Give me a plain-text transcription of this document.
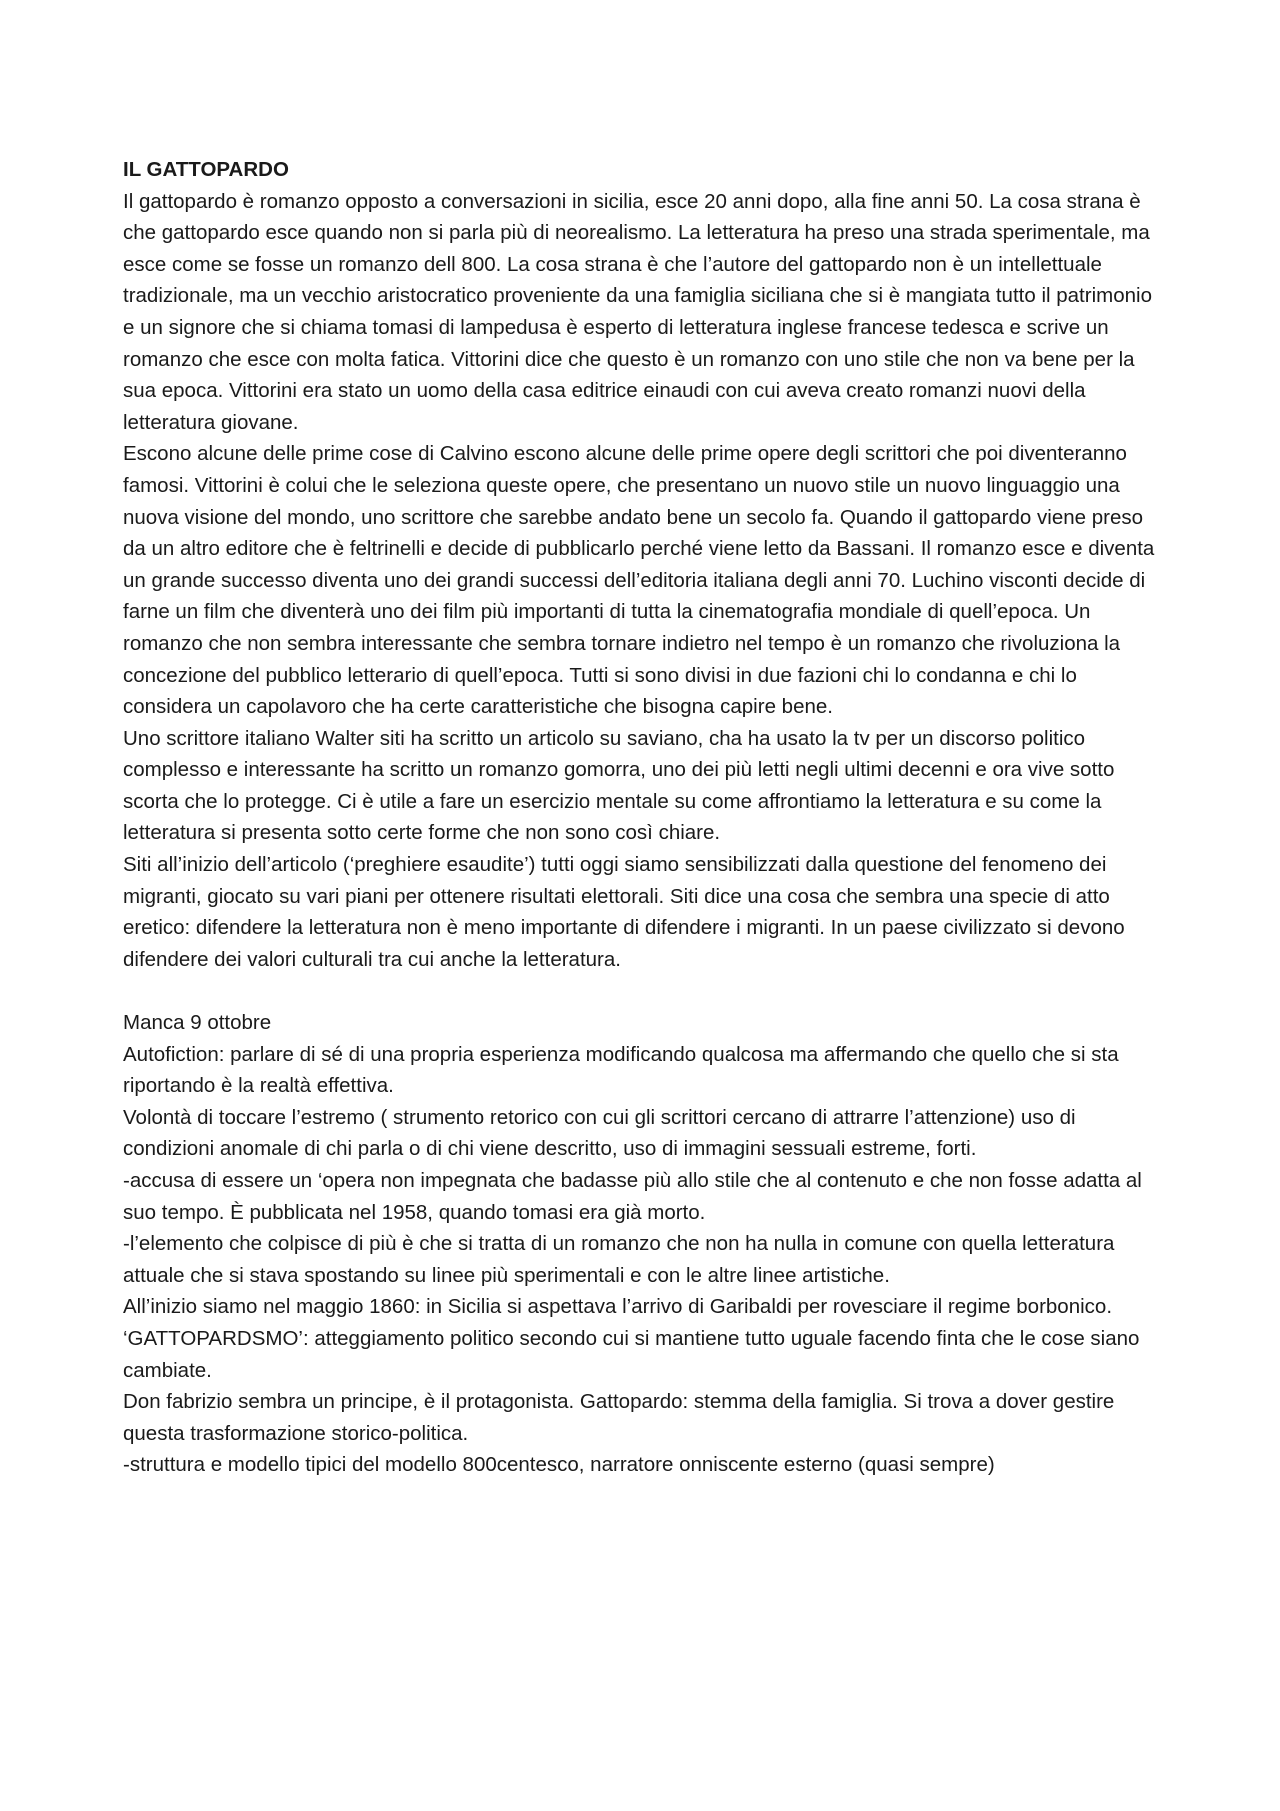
IL GATTOPARDO

Il gattopardo è romanzo opposto a conversazioni in sicilia, esce 20 anni dopo, alla fine anni 50. La cosa strana è che gattopardo esce quando non si parla più di neorealismo. La letteratura ha preso una strada sperimentale, ma esce come se fosse un romanzo dell 800. La cosa strana è che l’autore del gattopardo non è un intellettuale tradizionale, ma un vecchio aristocratico proveniente da una famiglia siciliana che si è mangiata tutto il patrimonio e un signore che si chiama tomasi di lampedusa è esperto di letteratura inglese francese tedesca e scrive un romanzo che esce con molta fatica. Vittorini dice che questo è un romanzo con uno stile che non va bene per la sua epoca. Vittorini era stato un uomo della casa editrice einaudi con cui aveva creato romanzi nuovi della letteratura giovane.

Escono alcune delle prime cose di Calvino escono alcune delle prime opere degli scrittori che poi diventeranno famosi. Vittorini è colui che le seleziona queste opere, che presentano un nuovo stile un nuovo linguaggio una nuova visione del mondo, uno scrittore che sarebbe andato bene un secolo fa. Quando il gattopardo viene preso da un altro editore che è feltrinelli e decide di pubblicarlo perché viene letto da Bassani. Il romanzo esce e diventa un grande successo diventa uno dei grandi successi dell’editoria italiana degli anni 70. Luchino visconti decide di farne un film che diventerà uno dei film più importanti di tutta la cinematografia mondiale di quell’epoca. Un romanzo che non sembra interessante che sembra tornare indietro nel tempo è un romanzo che rivoluziona la concezione del pubblico letterario di quell’epoca. Tutti si sono divisi in due fazioni chi lo condanna e chi lo considera un capolavoro che ha certe caratteristiche che bisogna capire bene.

Uno scrittore italiano Walter siti ha scritto un articolo su saviano, cha ha usato la tv per un discorso politico complesso e interessante ha scritto un romanzo gomorra, uno dei più letti negli ultimi decenni e ora vive sotto scorta che lo protegge. Ci è utile a fare un esercizio mentale su come affrontiamo la letteratura e su come la letteratura si presenta sotto certe forme che non sono così chiare.

Siti all’inizio dell’articolo (‘preghiere esaudite’) tutti oggi siamo sensibilizzati dalla questione del fenomeno dei migranti, giocato su vari piani per ottenere risultati elettorali. Siti dice una cosa che sembra una specie di atto eretico: difendere la letteratura non è meno importante di difendere i migranti. In un paese civilizzato si devono difendere dei valori culturali tra cui anche la letteratura.

Manca 9 ottobre

Autofiction: parlare di sé di una propria esperienza modificando qualcosa ma affermando che quello che si sta riportando è la realtà effettiva.

Volontà di toccare l’estremo ( strumento retorico con cui gli scrittori cercano di attrarre l’attenzione) uso di condizioni anomale di chi parla o di chi viene descritto, uso di immagini sessuali estreme, forti.

-accusa di essere un ‘opera non impegnata che badasse più allo stile che al contenuto e che non fosse adatta al suo tempo. È pubblicata nel 1958, quando tomasi era già morto.

-l’elemento che colpisce di più è che si tratta di un romanzo che non ha nulla in comune con quella letteratura attuale che si stava spostando su linee più sperimentali e con le altre linee artistiche.

All’inizio siamo nel maggio 1860: in Sicilia si aspettava l’arrivo di Garibaldi per rovesciare il regime borbonico.

‘GATTOPARDSMO’: atteggiamento politico secondo cui si mantiene tutto uguale facendo finta che le cose siano cambiate.

Don fabrizio sembra un principe, è il protagonista. Gattopardo: stemma della famiglia. Si trova a dover gestire questa trasformazione storico-politica.

-struttura e modello tipici del modello 800centesco, narratore onniscente esterno (quasi sempre)
